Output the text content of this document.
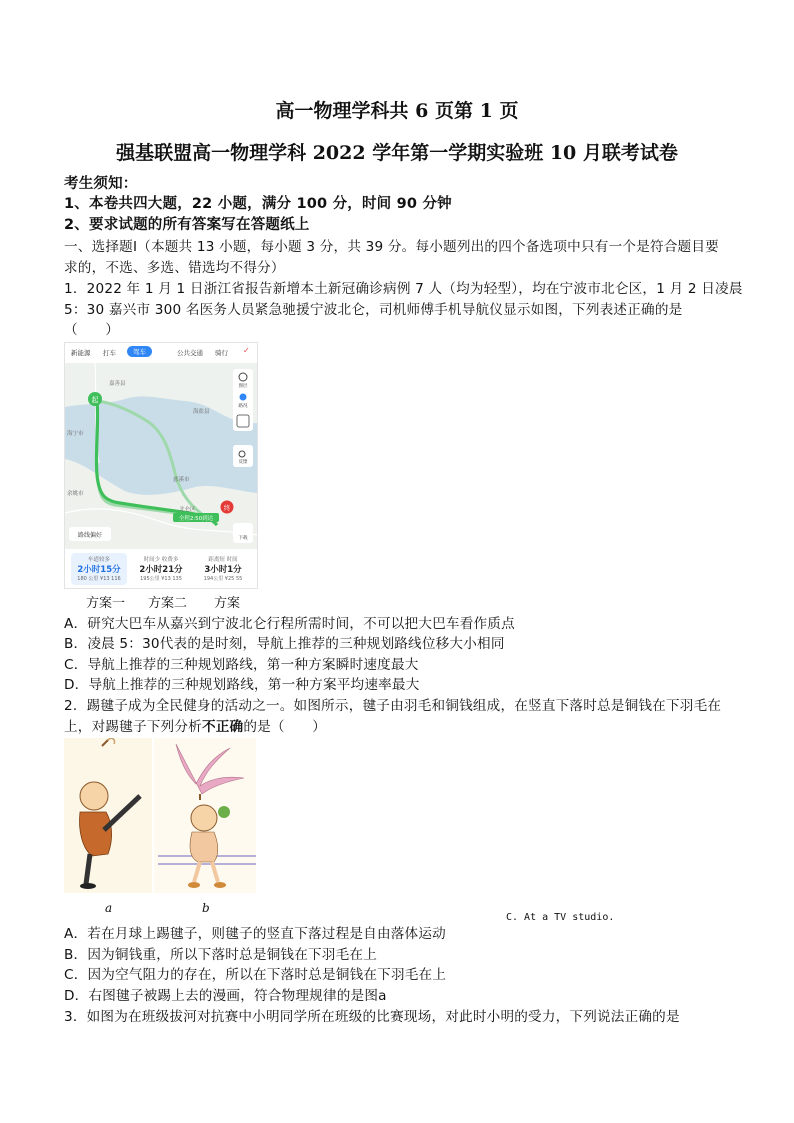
高一物理学科共 6 页第 1 页
强基联盟高一物理学科 2022 学年第一学期实验班 10 月联考试卷
考生须知：
1、本卷共四大题，22 小题，满分 100 分，时间 90 分钟
2、要求试题的所有答案写在答题纸上
一、选择题Ⅰ（本题共 13 小题，每小题 3 分，共 39 分。每小题列出的四个备选项中只有一个是符合题目要
求的，不选、多选、错选均不得分）
1．2022 年 1 月 1 日浙江省报告新增本土新冠确诊病例 7 人（均为轻型），均在宁波市北仑区，1 月 2 日凌晨
5：30 嘉兴市 300 名医务人员紧急驰援宁波北仑，司机师傅手机导航仪显示如图，下列表述正确的是
（　　）
新能源 打车	驾车	公共交通 骑行 ✓
起
终
全程2:50到达
嘉善县
海盐县
慈溪市
北仑区
余姚市
海宁市
图层
路况
反馈
路线偏好	下载
车道较多
2小时15分
180 公里 ¥13 116
时间少 收费多
2小时21分
195公里 ¥13 135
距离短 时间
3小时1分
194公里 ¥25 55
方案一 方案二 方案
A．研究大巴车从嘉兴到宁波北仑行程所需时间，不可以把大巴车看作质点
B．凌晨 5：30代表的是时刻，导航上推荐的三种规划路线位移大小相同
C．导航上推荐的三种规划路线，第一种方案瞬时速度最大
D．导航上推荐的三种规划路线，第一种方案平均速率最大
2．踢毽子成为全民健身的活动之一。如图所示，毽子由羽毛和铜钱组成，在竖直下落时总是铜钱在下羽毛在
上，对踢毽子下列分析不正确的是（　　）
a	b
C. At a TV studio.
A．若在月球上踢毽子，则毽子的竖直下落过程是自由落体运动
B．因为铜钱重，所以下落时总是铜钱在下羽毛在上
C．因为空气阻力的存在，所以在下落时总是铜钱在下羽毛在上
D．右图毽子被踢上去的漫画，符合物理规律的是图a
3．如图为在班级拔河对抗赛中小明同学所在班级的比赛现场，对此时小明的受力，下列说法正确的是
